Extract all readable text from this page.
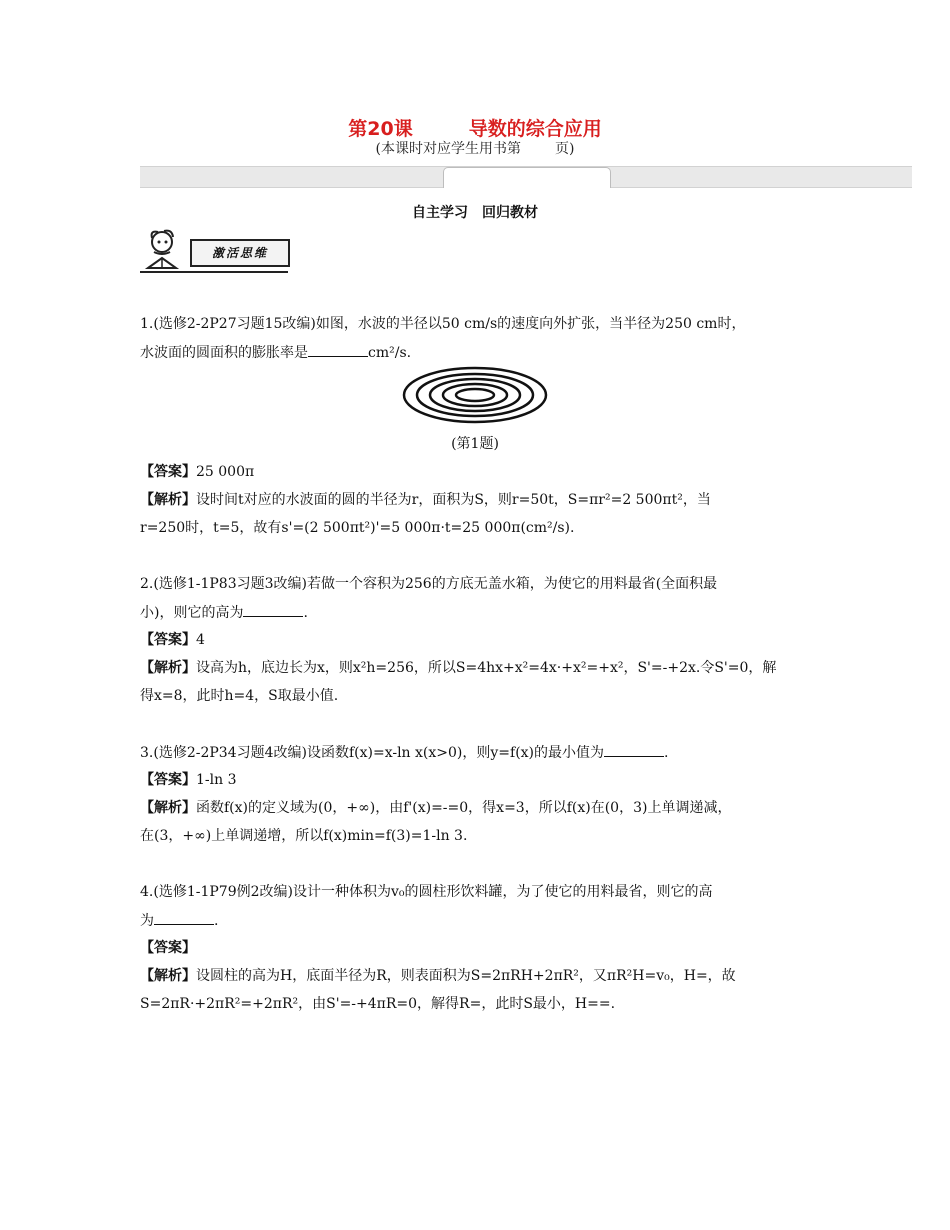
第20课	导数的综合应用
(本课时对应学生用书第 页)
自主学习 回归教材
激活思维
1.(选修2-2P27习题15改编)如图，水波的半径以50 cm/s的速度向外扩张，当半径为250 cm时，
水波面的圆面积的膨胀率是	cm²/s.
(第1题)
【答案】25 000π
【解析】设时间t对应的水波面的圆的半径为r，面积为S，则r=50t，S=πr²=2 500πt²，当
r=250时，t=5，故有s'=(2 500πt²)'=5 000π·t=25 000π(cm²/s).
2.(选修1-1P83习题3改编)若做一个容积为256的方底无盖水箱，为使它的用料最省(全面积最
小)，则它的高为	.
【答案】4
【解析】设高为h，底边长为x，则x²h=256，所以S=4hx+x²=4x·+x²=+x²，S'=-+2x.令S'=0，解
得x=8，此时h=4，S取最小值.
3.(选修2-2P34习题4改编)设函数f(x)=x-ln x(x>0)，则y=f(x)的最小值为	.
【答案】1-ln 3
【解析】函数f(x)的定义域为(0，+∞)，由f'(x)=-=0，得x=3，所以f(x)在(0，3)上单调递减，
在(3，+∞)上单调递增，所以f(x)min=f(3)=1-ln 3.
4.(选修1-1P79例2改编)设计一种体积为v₀的圆柱形饮料罐，为了使它的用料最省，则它的高
为	.
【答案】
【解析】设圆柱的高为H，底面半径为R，则表面积为S=2πRH+2πR²，又πR²H=v₀，H=，故
S=2πR·+2πR²=+2πR²，由S'=-+4πR=0，解得R=，此时S最小，H==.
